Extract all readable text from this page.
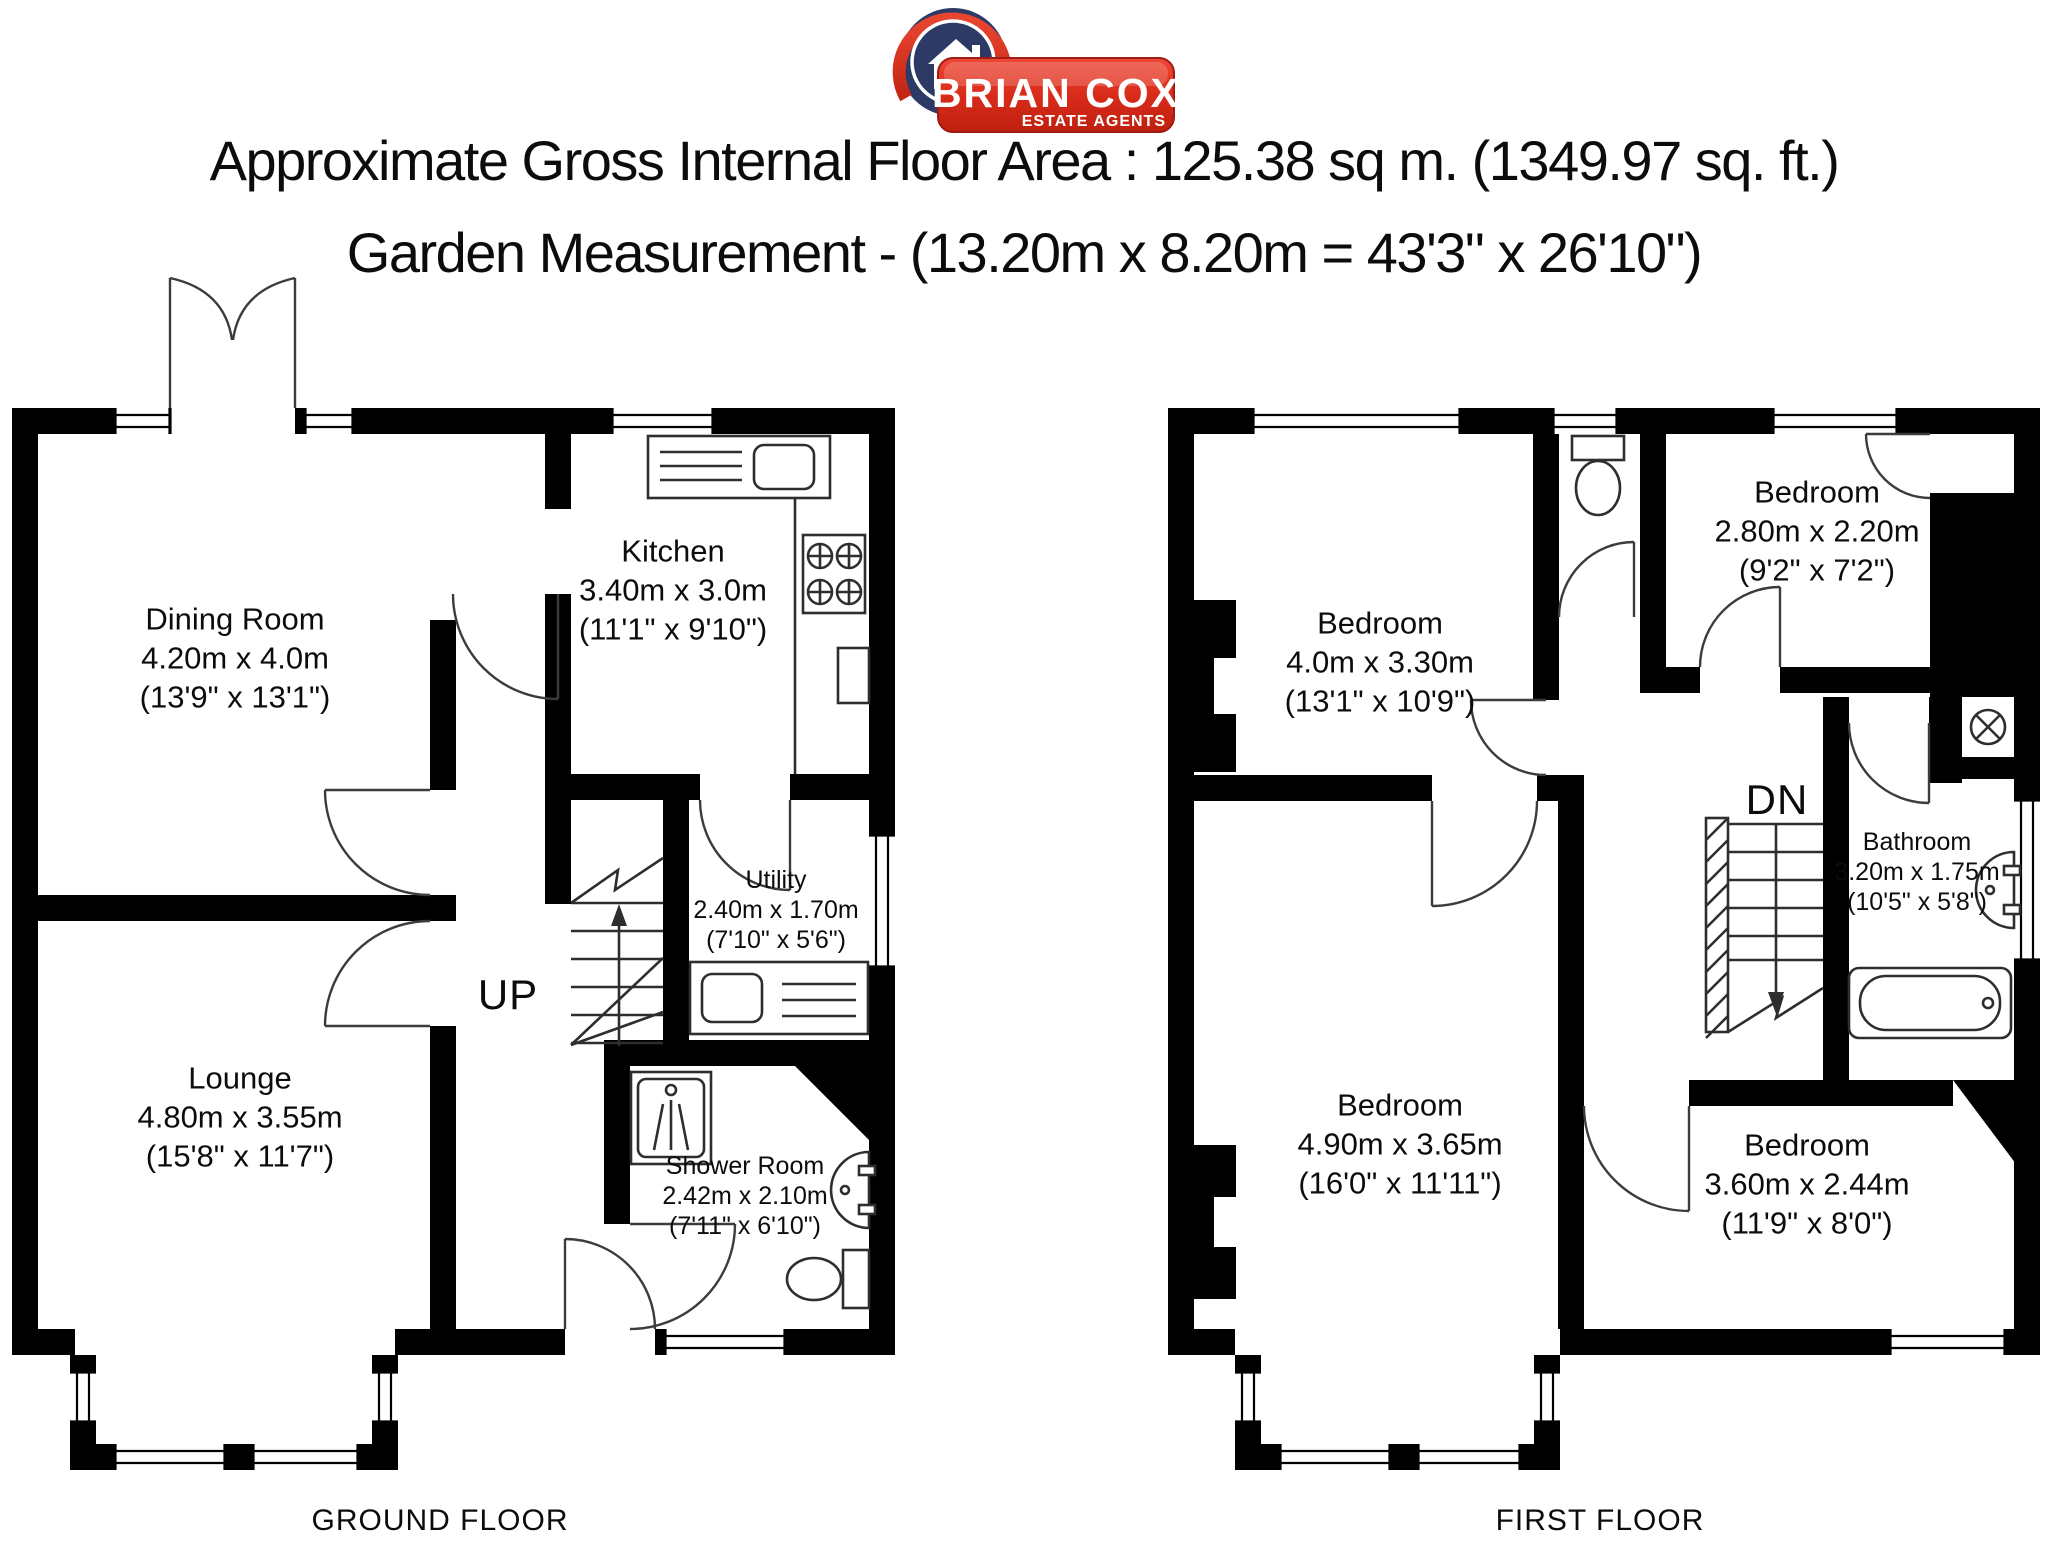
BRIAN COX
ESTATE AGENTS
Approximate Gross Internal Floor Area : 125.38 sq m. (1349.97 sq. ft.)
Garden Measurement - (13.20m x 8.20m = 43'3" x 26'10")
Dining Room
4.20m x 4.0m
(13'9" x 13'1")
Kitchen
3.40m x 3.0m
(11'1" x 9'10")
Lounge
4.80m x 3.55m
(15'8" x 11'7")
Utility
2.40m x 1.70m
(7'10" x 5'6")
Shower Room
2.42m x 2.10m
(7'11" x 6'10")
UP
Bedroom
4.0m x 3.30m
(13'1" x 10'9")
Bedroom
2.80m x 2.20m
(9'2" x 7'2")
Bedroom
4.90m x 3.65m
(16'0" x 11'11")
Bedroom
3.60m x 2.44m
(11'9" x 8'0")
Bathroom
3.20m x 1.75m
(10'5" x 5'8")
DN
GROUND FLOOR	FIRST FLOOR
